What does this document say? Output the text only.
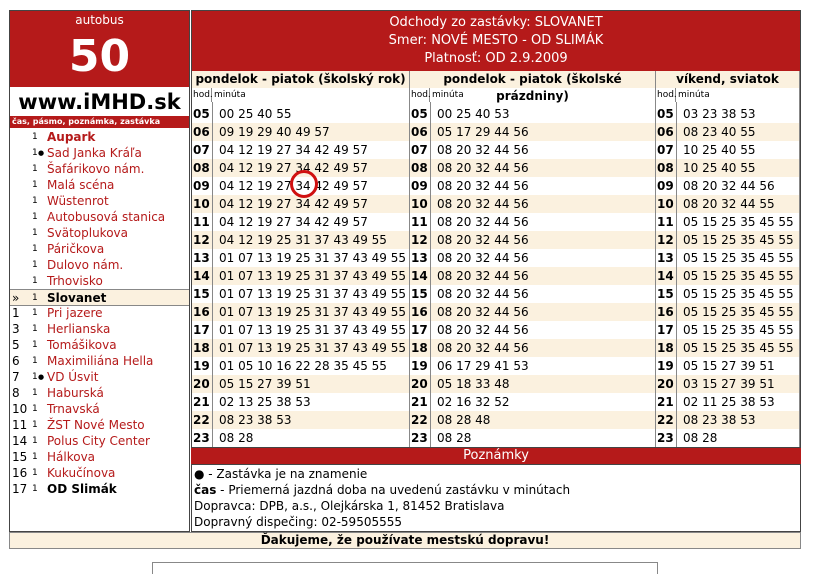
autobus
50
www.iMHD.sk
čas, pásmo, poznámka, zastávka
1 Aupark
1 ● Sad Janka Kráľa
1 Šafárikovo nám.
1 Malá scéna
1 Wüstenrot
1 Autobusová stanica
1 Svätoplukova
1 Páričkova
1 Dulovo nám.
1 Trhovisko
»	1 Slovanet
1	1 Pri jazere
3	1 Herlianska
5	1 Tomášikova
6	1 Maximiliána Hella
7	1 ● VD Úsvit
8	1 Haburská
10 1 Trnavská
11 1 ŽST Nové Mesto
14 1 Polus City Center
15 1 Hálkova
16 1 Kukučínova
17 1 OD Slimák
Odchody zo zastávky: SLOVANET
Smer: NOVÉ MESTO - OD SLIMÁK
Platnosť: OD 2.9.2009
pondelok - piatok (školský rok)
hod. minúta
05 00 25 40 55
06 09 19 29 40 49 57
07 04 12 19 27 34 42 49 57
08 04 12 19 27 34 42 49 57
09 04 12 19 27 34 42 49 57
10 04 12 19 27 34 42 49 57
11 04 12 19 27 34 42 49 57
12 04 12 19 25 31 37 43 49 55
13 01 07 13 19 25 31 37 43 49 55
14 01 07 13 19 25 31 37 43 49 55
15 01 07 13 19 25 31 37 43 49 55
16 01 07 13 19 25 31 37 43 49 55
17 01 07 13 19 25 31 37 43 49 55
18 01 07 13 19 25 31 37 43 49 55
19 01 05 10 16 22 28 35 45 55
20 05 15 27 39 51
21 02 13 25 38 53
22 08 23 38 53
23 08 28
pondelok - piatok (školské prázdniny)
hod. minúta
05 00 25 40 53
06 05 17 29 44 56
07 08 20 32 44 56
08 08 20 32 44 56
09 08 20 32 44 56
10 08 20 32 44 56
11 08 20 32 44 56
12 08 20 32 44 56
13 08 20 32 44 56
14 08 20 32 44 56
15 08 20 32 44 56
16 08 20 32 44 56
17 08 20 32 44 56
18 08 20 32 44 56
19 06 17 29 41 53
20 05 18 33 48
21 02 16 32 52
22 08 28 48
23 08 28
víkend, sviatok
hod. minúta
05 03 23 38 53
06 08 23 40 55
07 10 25 40 55
08 10 25 40 55
09 08 20 32 44 56
10 08 20 32 44 55
11 05 15 25 35 45 55
12 05 15 25 35 45 55
13 05 15 25 35 45 55
14 05 15 25 35 45 55
15 05 15 25 35 45 55
16 05 15 25 35 45 55
17 05 15 25 35 45 55
18 05 15 25 35 45 55
19 05 15 27 39 51
20 03 15 27 39 51
21 02 11 25 38 53
22 08 23 38 53
23 08 28
Poznámky
● - Zastávka je na znamenie
čas - Priemerná jazdná doba na uvedenú zastávku v minútach
Dopravca: DPB, a.s., Olejkárska 1, 81452 Bratislava
Dopravný dispečing: 02-59505555
Ďakujeme, že používate mestskú dopravu!
